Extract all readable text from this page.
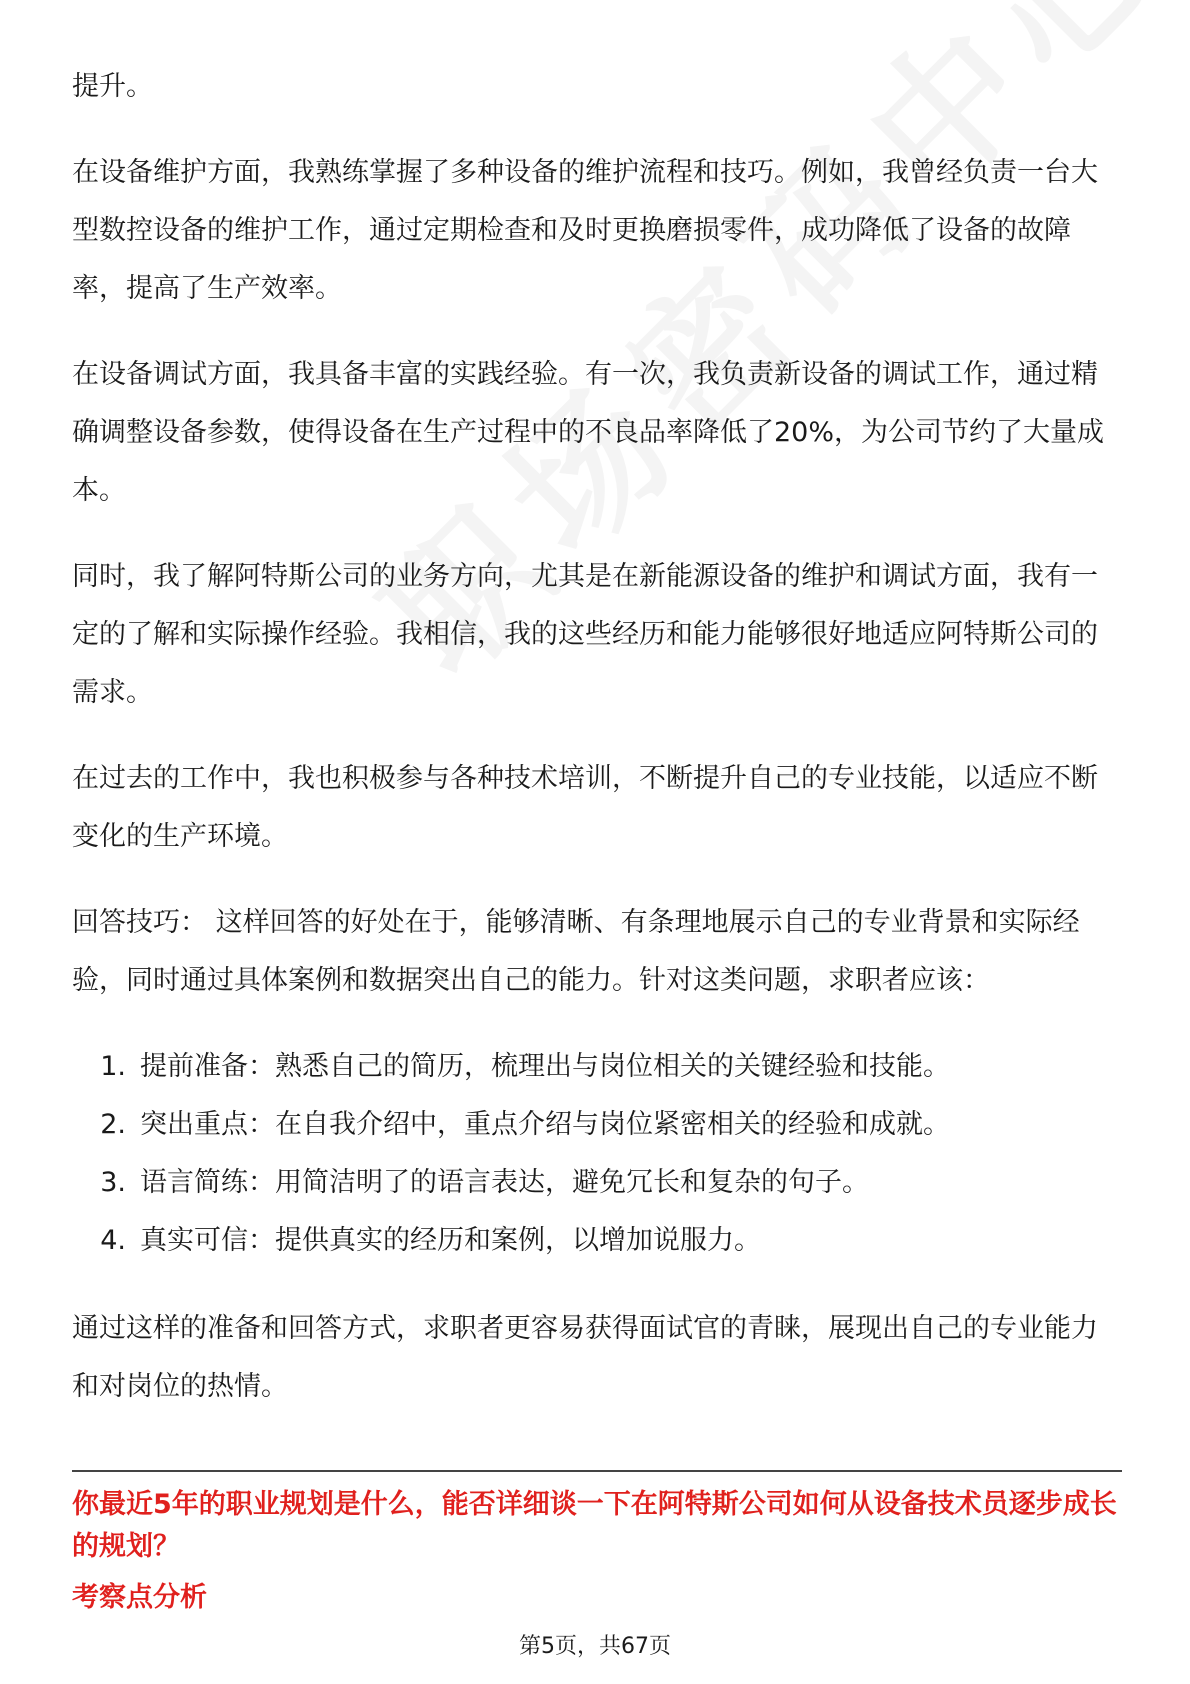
提升。

在设备维护方面，我熟练掌握了多种设备的维护流程和技巧。例如，我曾经负责一台大型数控设备的维护工作，通过定期检查和及时更换磨损零件，成功降低了设备的故障率，提高了生产效率。

在设备调试方面，我具备丰富的实践经验。有一次，我负责新设备的调试工作，通过精确调整设备参数，使得设备在生产过程中的不良品率降低了20%，为公司节约了大量成本。

同时，我了解阿特斯公司的业务方向，尤其是在新能源设备的维护和调试方面，我有一定的了解和实际操作经验。我相信，我的这些经历和能力能够很好地适应阿特斯公司的需求。

在过去的工作中，我也积极参与各种技术培训，不断提升自己的专业技能，以适应不断变化的生产环境。

回答技巧： 这样回答的好处在于，能够清晰、有条理地展示自己的专业背景和实际经验，同时通过具体案例和数据突出自己的能力。针对这类问题，求职者应该：

1. 提前准备：熟悉自己的简历，梳理出与岗位相关的关键经验和技能。
2. 突出重点：在自我介绍中，重点介绍与岗位紧密相关的经验和成就。
3. 语言简练：用简洁明了的语言表达，避免冗长和复杂的句子。
4. 真实可信：提供真实的经历和案例，以增加说服力。

通过这样的准备和回答方式，求职者更容易获得面试官的青睐，展现出自己的专业能力和对岗位的热情。

你最近5年的职业规划是什么，能否详细谈一下在阿特斯公司如何从设备技术员逐步成长的规划？
考察点分析
第5页，共67页
